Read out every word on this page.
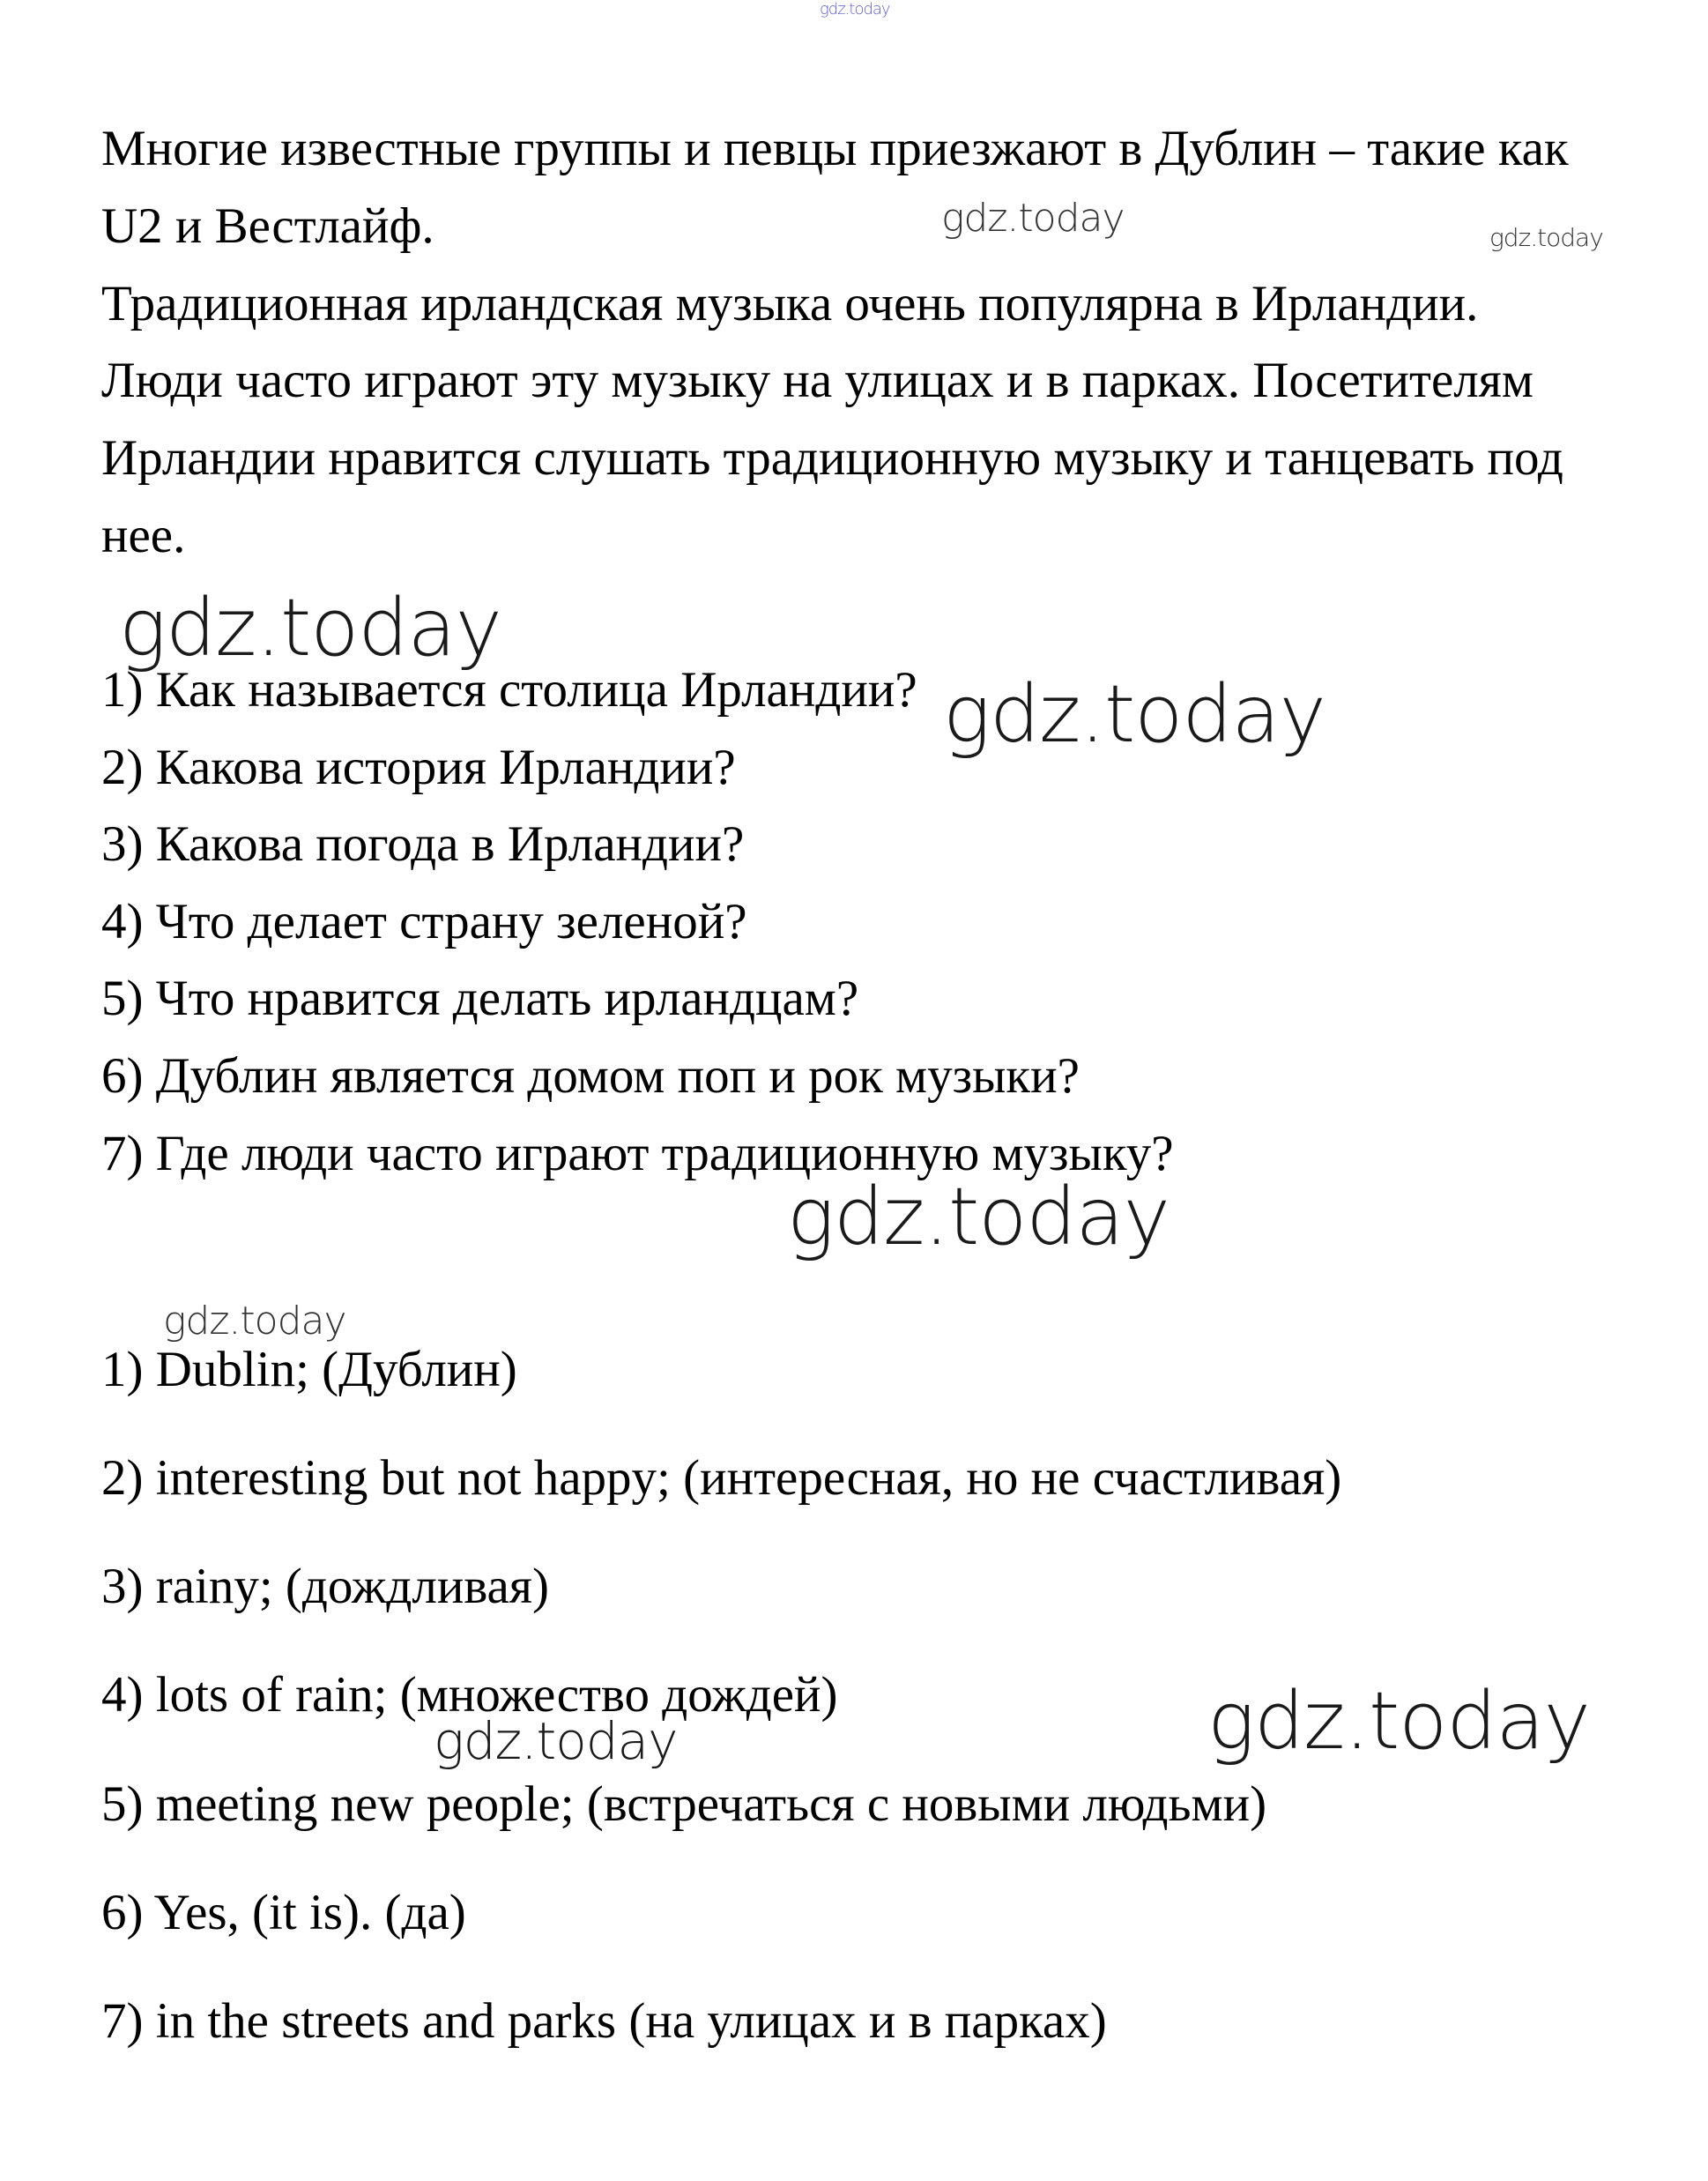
gdz.today
gdz.today	gdz.today
gdz.today
gdz.today
gdz.today
gdz.today
gdz.today
gdz.today

Многие известные группы и певцы приезжают в Дублин – такие как

U2 и Вестлайф.

Традиционная ирландская музыка очень популярна в Ирландии.

Люди часто играют эту музыку на улицах и в парках. Посетителям

Ирландии нравится слушать традиционную музыку и танцевать под

нее.

1) Как называется столица Ирландии?

2) Какова история Ирландии?

3) Какова погода в Ирландии?

4) Что делает страну зеленой?

5) Что нравится делать ирландцам?

6) Дублин является домом поп и рок музыки?

7) Где люди часто играют традиционную музыку?

1) Dublin; (Дублин)

2) interesting but not happy; (интересная, но не счастливая)

3) rainy; (дождливая)

4) lots of rain; (множество дождей)

5) meeting new people; (встречаться с новыми людьми)

6) Yes, (it is). (да)

7) in the streets and parks (на улицах и в парках)
